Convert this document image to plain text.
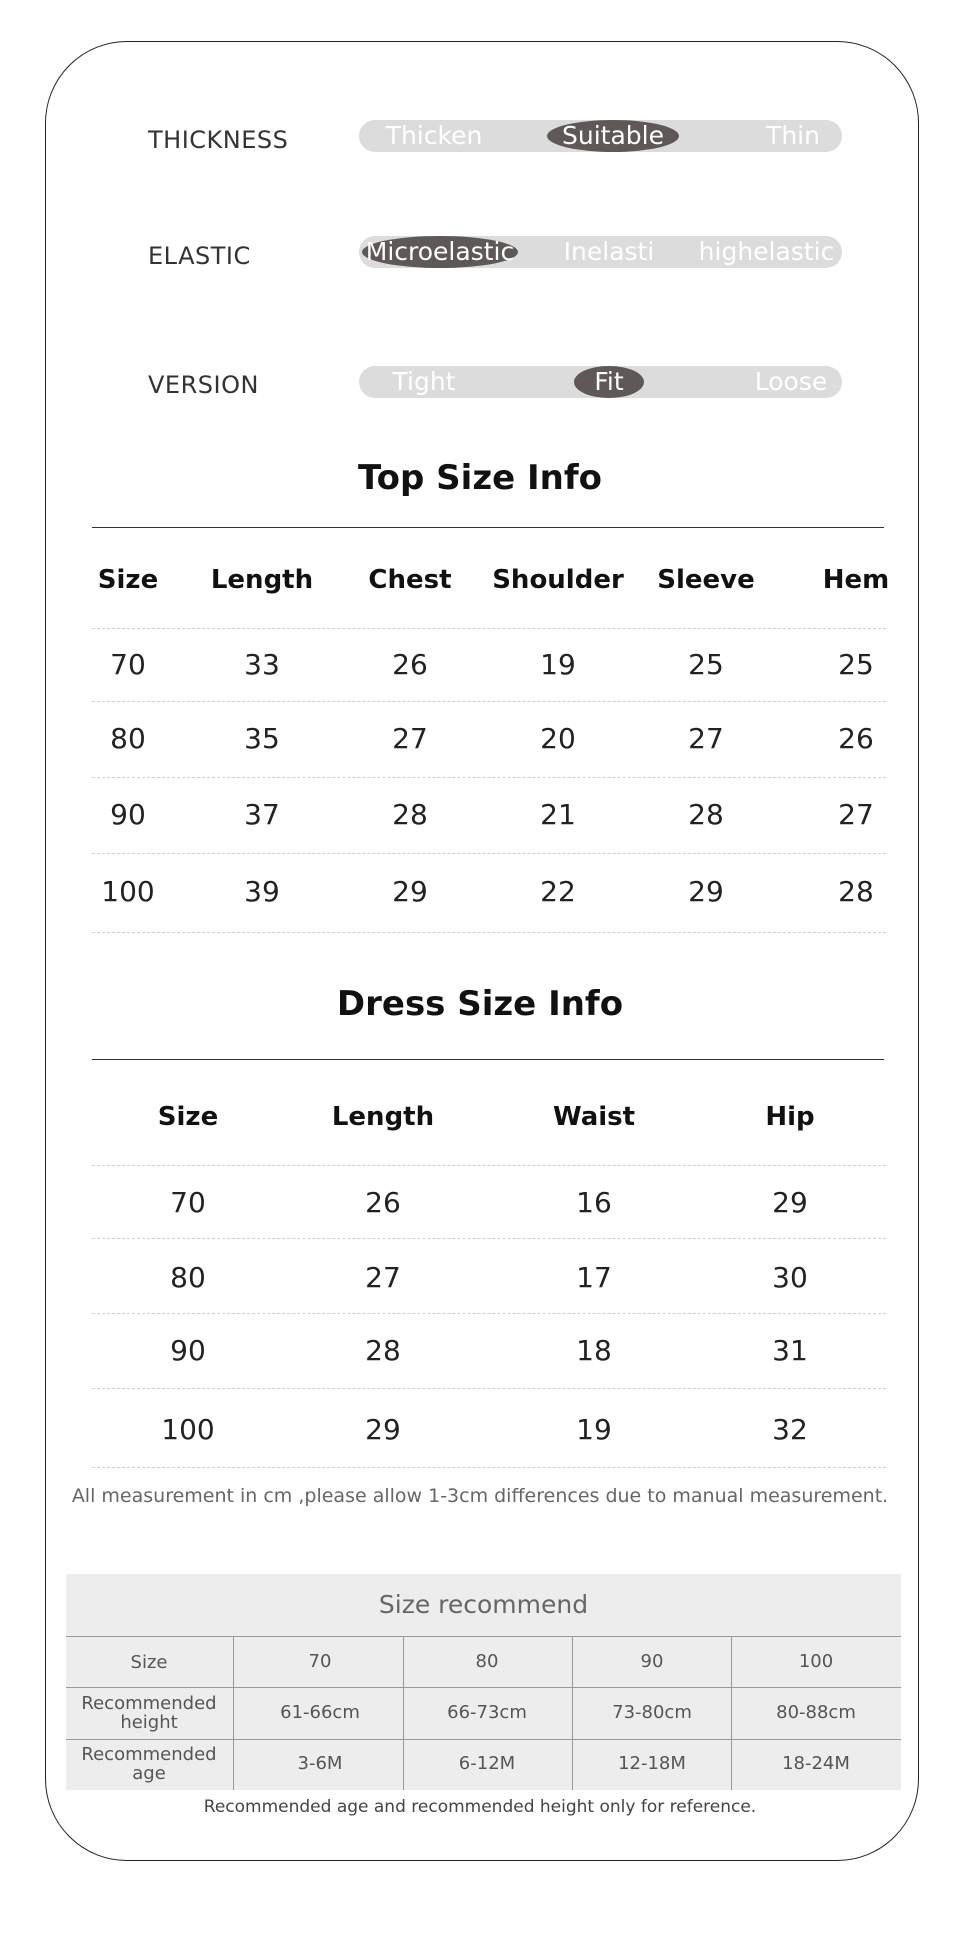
THICKNESS	Thicken	Suitable	Thin
ELASTIC	Microelastic Inelasti highelastic
VERSION	Tight	Fit	Loose
Top Size Info
Size	Length	Chest	Shoulder	Sleeve	Hem
70	33	26	19	25	25
80	35	27	20	27	26
90	37	28	21	28	27
100	39	29	22	29	28
Dress Size Info
Size	Length	Waist	Hip
70	26	16	29
80	27	17	30
90	28	18	31
100	29	19	32
All measurement in cm ,please allow 1-3cm differences due to manual measurement.
Size recommend
Size	70	80	90	100
Recommended
height	61-66cm	66-73cm	73-80cm	80-88cm
Recommended
age	3-6M	6-12M	12-18M	18-24M
Recommended age and recommended height only for reference.
